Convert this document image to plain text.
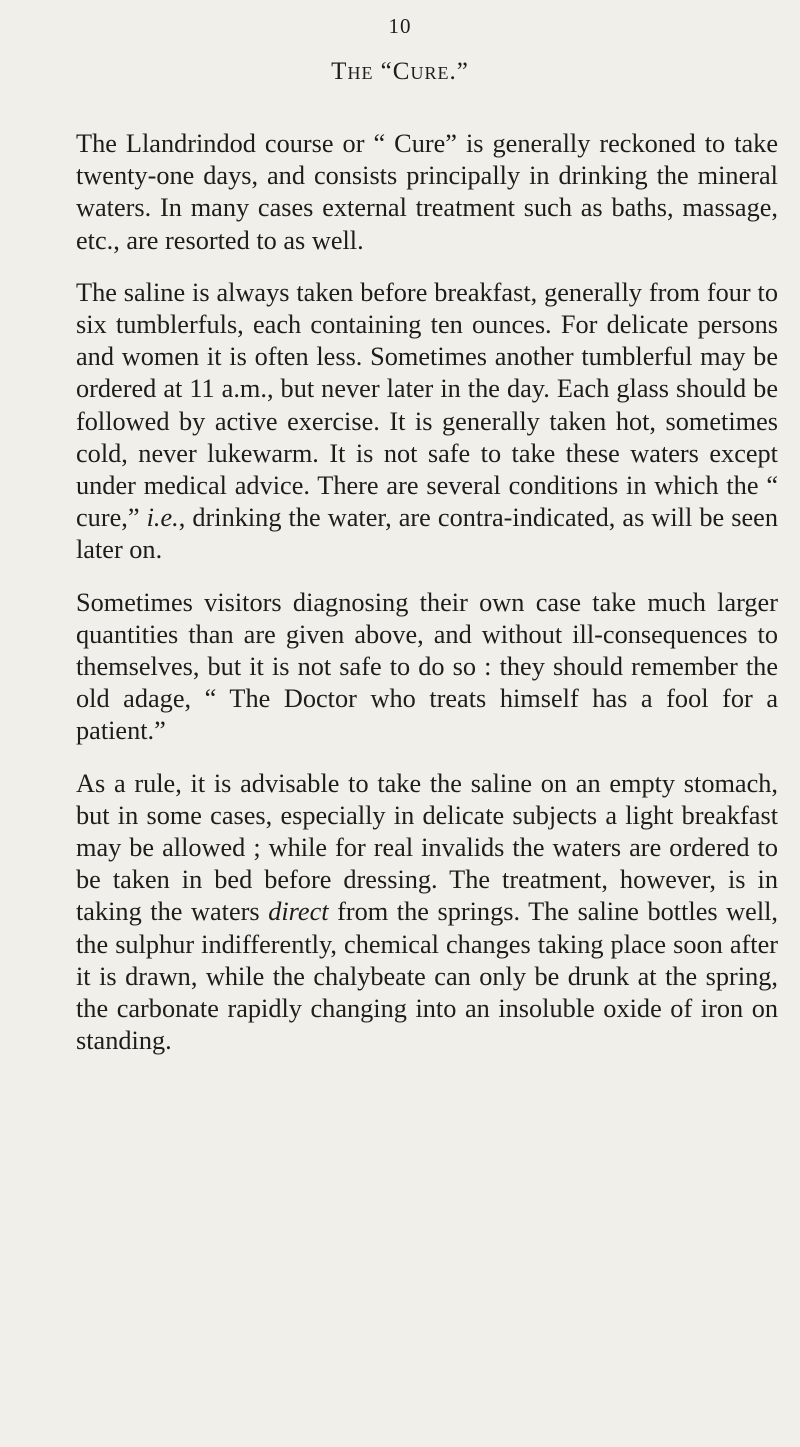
10
The “Cure.”

The Llandrindod course or “ Cure” is generally reckoned to take twenty-one days, and consists principally in drinking the mineral waters. In many cases external treatment such as baths, massage, etc., are resorted to as well.

The saline is always taken before breakfast, generally from four to six tumblerfuls, each containing ten ounces. For delicate persons and women it is often less. Sometimes another tumblerful may be ordered at 11 a.m., but never later in the day. Each glass should be followed by active exercise. It is generally taken hot, sometimes cold, never lukewarm. It is not safe to take these waters except under medical advice. There are several conditions in which the “ cure,” i.e., drinking the water, are contra-indicated, as will be seen later on.

Sometimes visitors diagnosing their own case take much larger quantities than are given above, and without ill-consequences to themselves, but it is not safe to do so : they should remember the old adage, “ The Doctor who treats himself has a fool for a patient.”

As a rule, it is advisable to take the saline on an empty stomach, but in some cases, especially in delicate subjects a light breakfast may be allowed ; while for real invalids the waters are ordered to be taken in bed before dressing. The treatment, however, is in taking the waters direct from the springs. The saline bottles well, the sulphur indifferently, chemical changes taking place soon after it is drawn, while the chalybeate can only be drunk at the spring, the carbonate rapidly changing into an insoluble oxide of iron on standing.
